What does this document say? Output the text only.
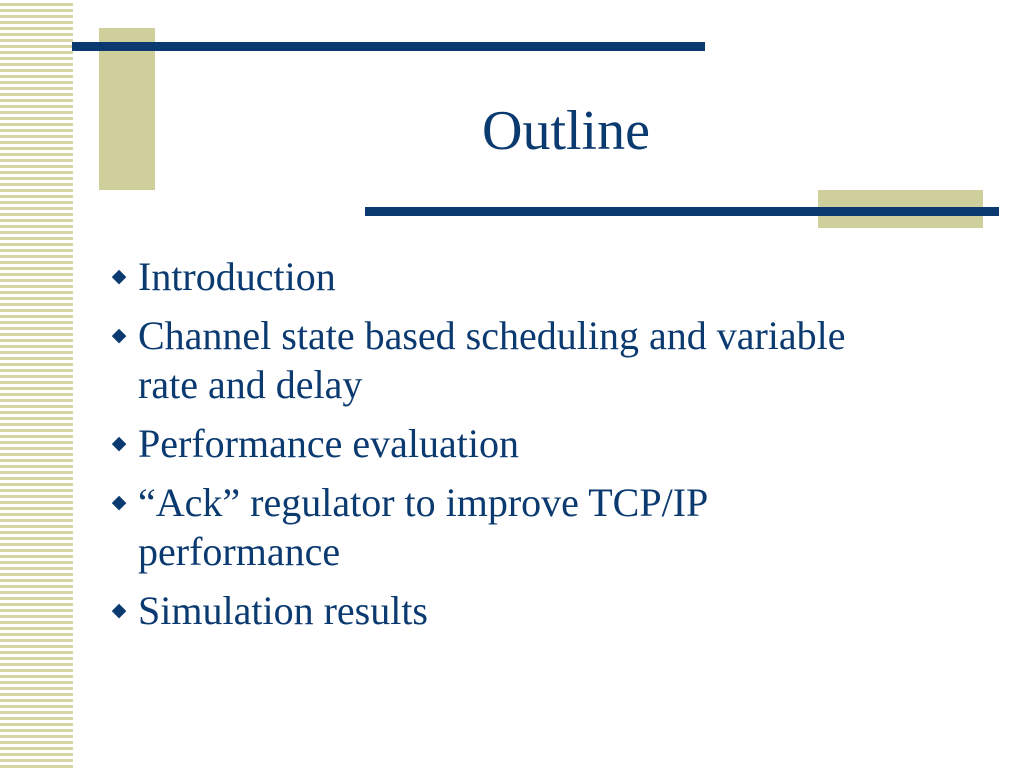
Outline
◆ Introduction
◆ Channel state based scheduling and variable
rate and delay
◆ Performance evaluation
◆ “Ack” regulator to improve TCP/IP
performance
◆ Simulation results
